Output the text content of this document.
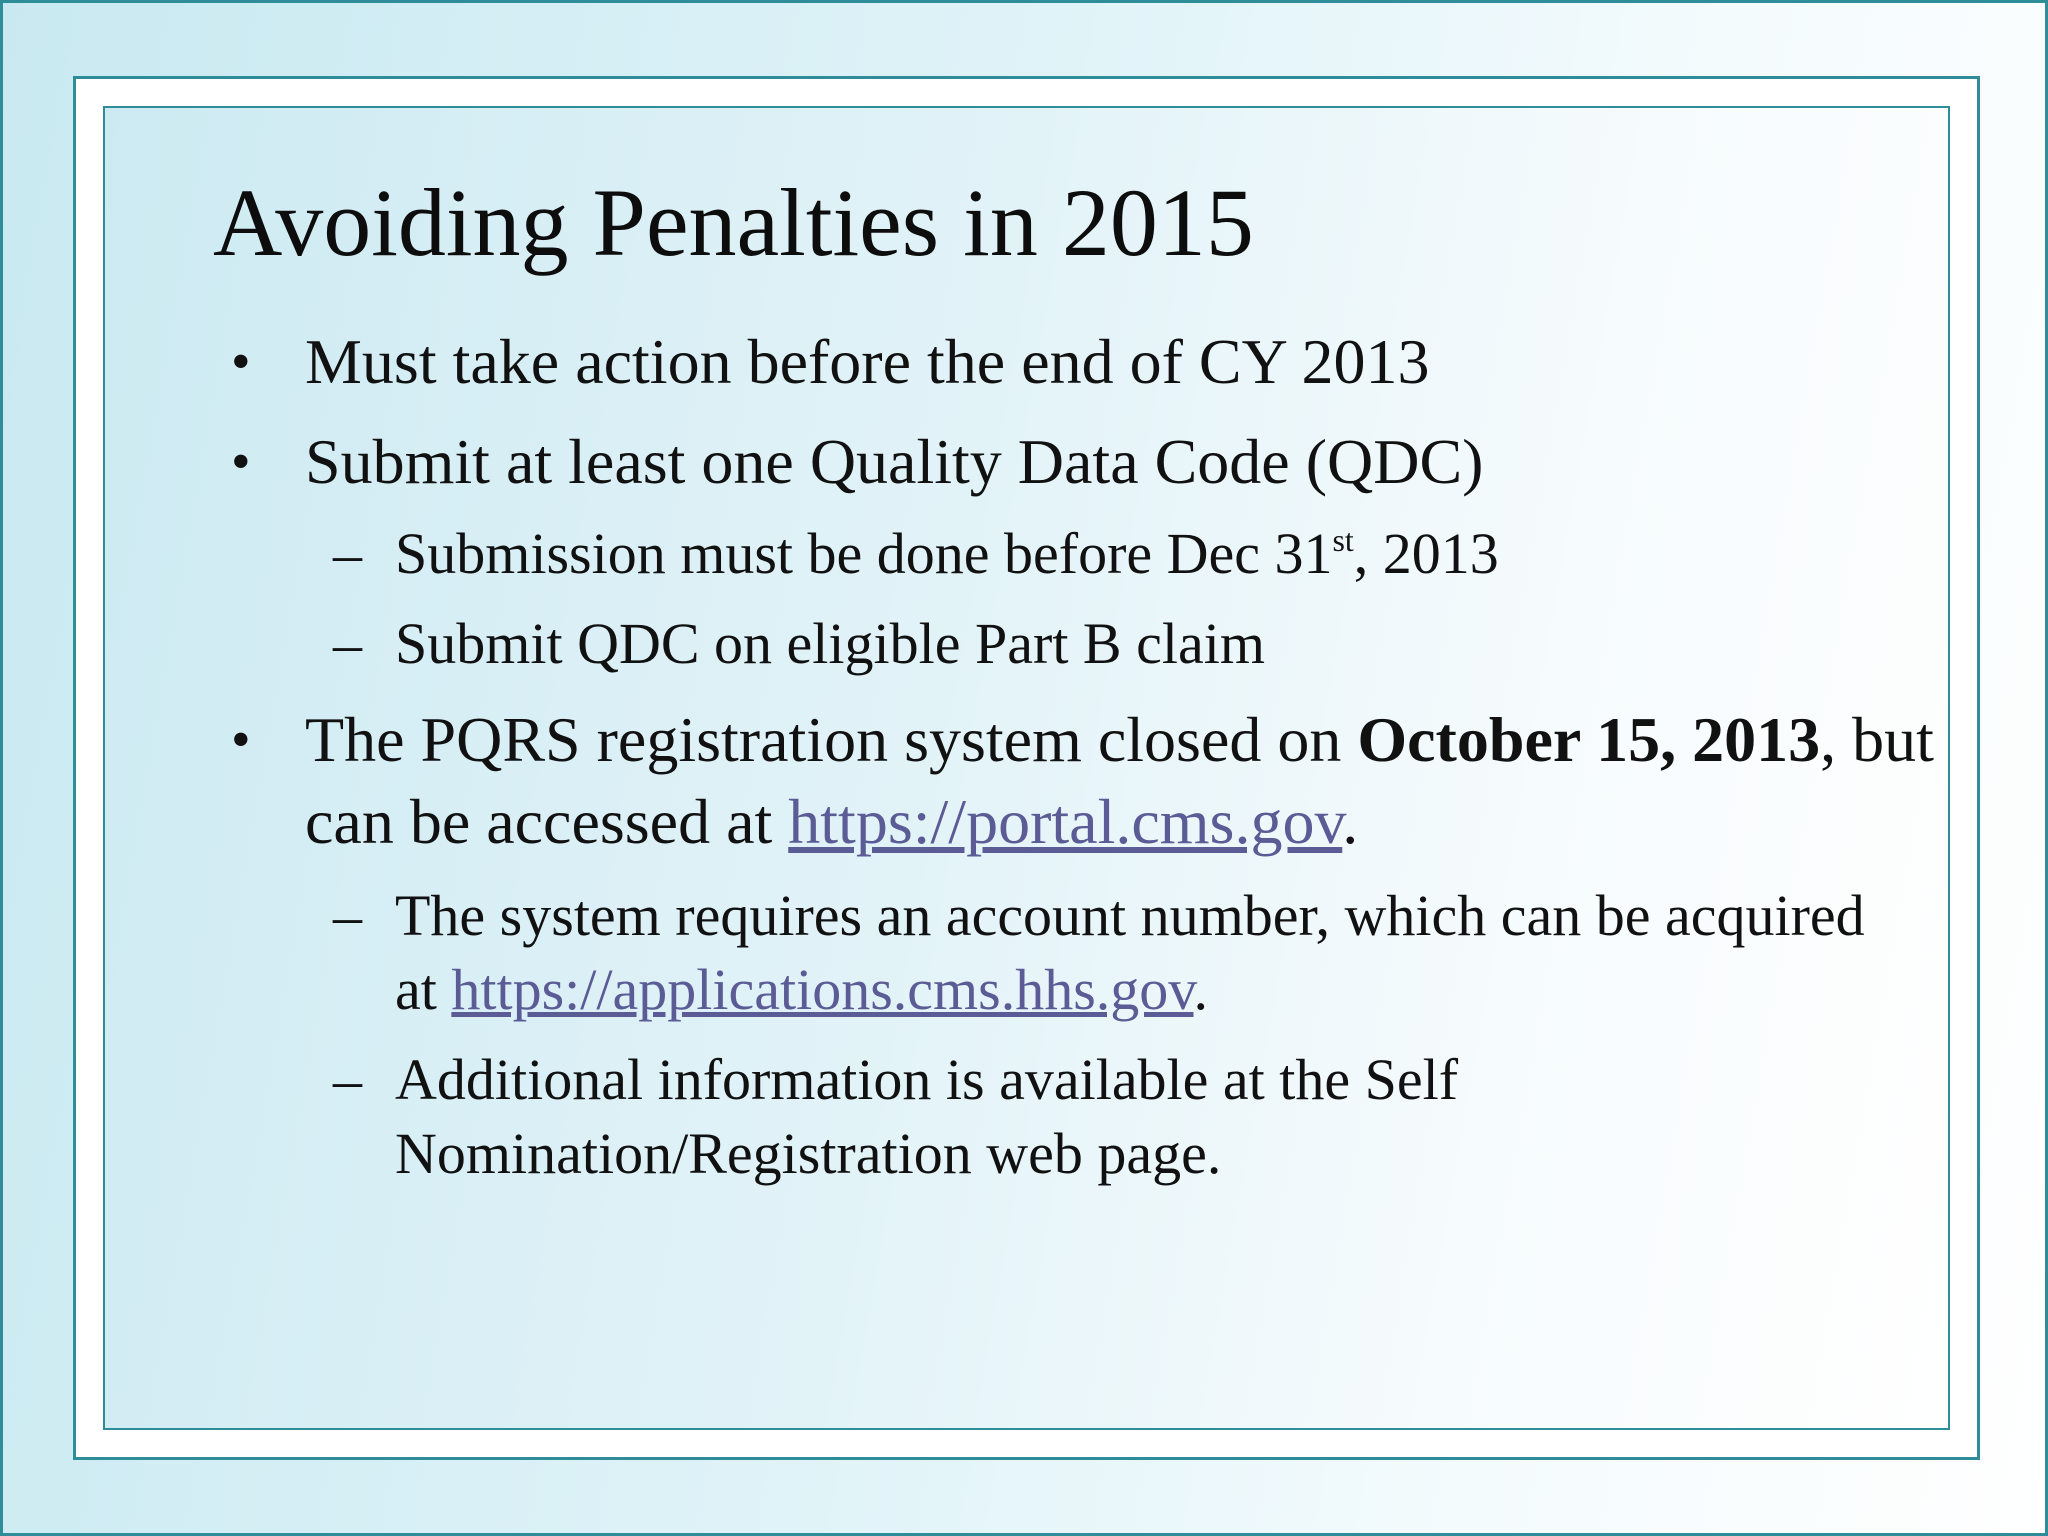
Avoiding Penalties in 2015
• Must take action before the end of CY 2013
• Submit at least one Quality Data Code (QDC)
– Submission must be done before Dec 31st, 2013
– Submit QDC on eligible Part B claim
• The PQRS registration system closed on October 15, 2013, but can be accessed at https://portal.cms.gov.
– The system requires an account number, which can be acquired at https://applications.cms.hhs.gov.
– Additional information is available at the Self Nomination/Registration web page.
